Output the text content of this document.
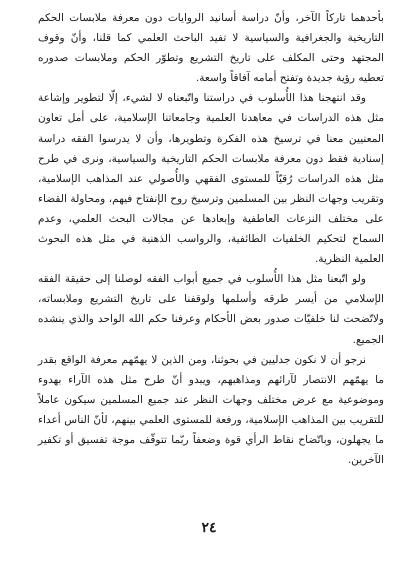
بأحدهما تاركاً الآخر، وأنّ دراسة أسانيد الروايات دون معرفة ملابسات الحكم التاريخية والجغرافية والسياسية لا تفيد الباحث العلمي كما قلنا، وأنّ وقوف المجتهد وحتى المكلف على تاريخ التشريع وتطوّر الحكم وملابسات صدوره تعطيه رؤية جديدة وتفتح أمامه آفاقاً واسعة.

وقد انتهجنا هذا الأُسلوب في دراستنا واتّبعناه لا لشيء، إلّا لتطوير وإشاعة مثل هذه الدراسات في معاهدنا العلمية وجامعاتنا الإسلامية، على أمل تعاون المعنيين معنا في ترسيخ هذه الفكرة وتطويرها، وأن لا يدرسوا الفقه دراسة إسنادية فقط دون معرفة ملابسات الحكم التاريخية والسياسية، ونرى في طرح مثل هذه الدراسات رُقيّاً للمستوى الفقهي والأُصولي عند المذاهب الإسلامية، وتقريب وجهات النظر بين المسلمين وترسيخ روح الإنفتاح فيهم، ومحاولة القضاء على مختلف النزعات العاطفية وإبعادها عن مجالات البحث العلمي، وعدم السماح لتحكيم الخلفيات الطائفية، والرواسب الذهنية في مثل هذه البحوث العلمية النظرية.

ولو اتّبعنا مثل هذا الأُسلوب في جميع أبواب الفقه لوصلنا إلى حقيقة الفقه الإسلامي من أيسر طرقه وأسلمها ولوقفنا على تاريخ التشريع وملابساته، ولاتّضحت لنا خلفيّات صدور بعض الأحكام وعرفنا حكم الله الواحد والذي ينشده الجميع.

نرجو أن لا نكون جدليين في بحوثنا، ومن الذين لا يهمّهم معرفة الواقع بقدر ما يهمّهم الانتصار لآرائهم ومذاهبهم، ويبدو أنّ طرح مثل هذه الآراء بهدوء وموضوعية مع عرض مختلف وجهات النظر عند جميع المسلمين سيكون عاملاً للتقريب بين المذاهب الإسلامية، ورفعة للمستوى العلمي بينهم، لأنّ الناس أعداء ما يجهلون، وباتّضاح نقاط الرأي قوة وضعفاً ربّما تتوقّف موجة تفسيق أو تكفير الآخرين.

٢٤
